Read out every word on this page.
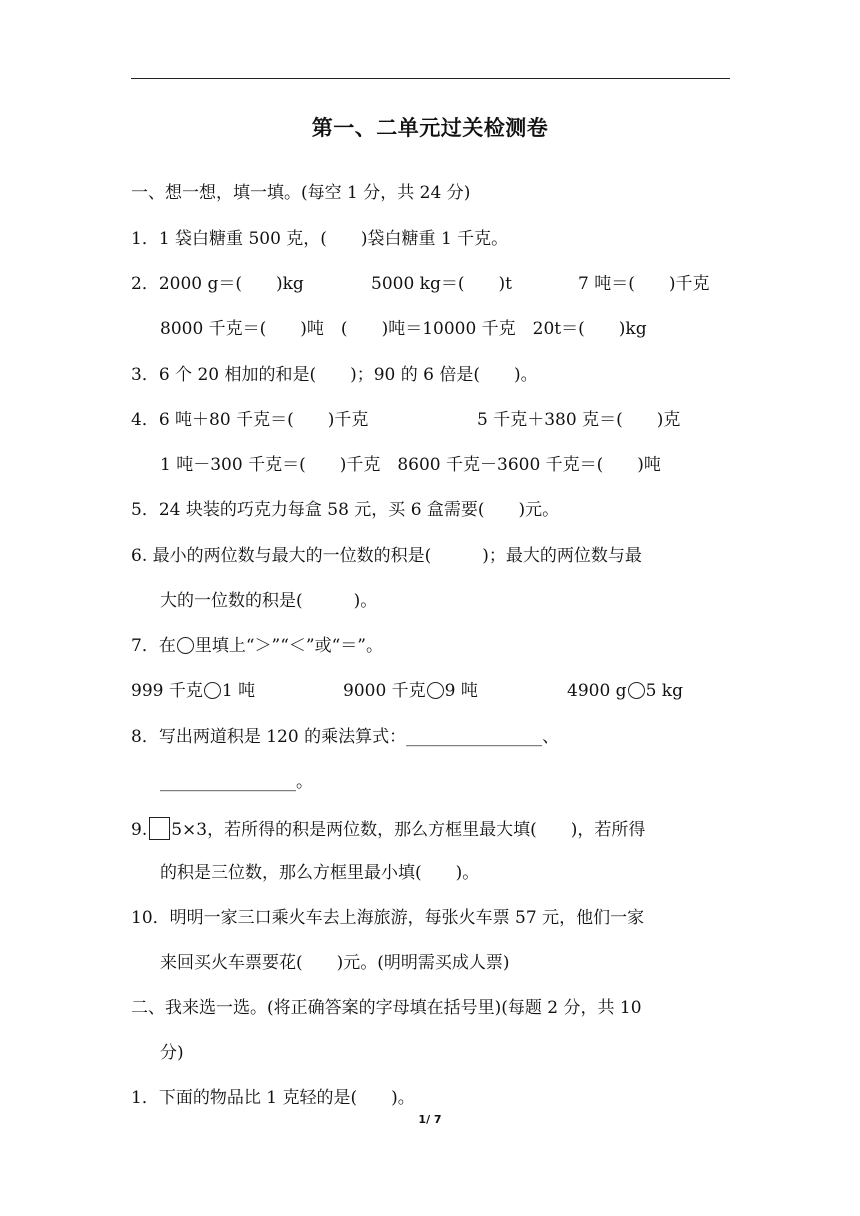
第一、二单元过关检测卷
一、想一想，填一填。(每空 1 分，共 24 分)
1．1 袋白糖重 500 克，(　　)袋白糖重 1 千克。
2．2000 g＝(　　)kg	5000 kg＝(　　)t	7 吨＝(　　)千克
8000 千克＝(　　)吨　(　　)吨＝10000 千克　20t＝(　　)kg
3．6 个 20 相加的和是(　　)；90 的 6 倍是(　　)。
4．6 吨＋80 千克＝(　　)千克	5 千克＋380 克＝(　　)克
1 吨－300 千克＝(　　)千克　8600 千克－3600 千克＝(　　)吨
5．24 块装的巧克力每盒 58 元，买 6 盒需要(　　)元。
6. 最小的两位数与最大的一位数的积是(　　　)；最大的两位数与最
大的一位数的积是(　　　)。
7．在 里填上“＞”“＜”或“＝”。
999 千克 1 吨	9000 千克 9 吨	4900 g 5 kg
8．写出两道积是 120 的乘法算式：________________、
________________。
9. 5×3，若所得的积是两位数，那么方框里最大填(　　)，若所得
的积是三位数，那么方框里最小填(　　)。
10．明明一家三口乘火车去上海旅游，每张火车票 57 元，他们一家
来回买火车票要花(　　)元。(明明需买成人票)
二、我来选一选。(将正确答案的字母填在括号里)(每题 2 分，共 10
分)
1．下面的物品比 1 克轻的是(　　)。
1/ 7
